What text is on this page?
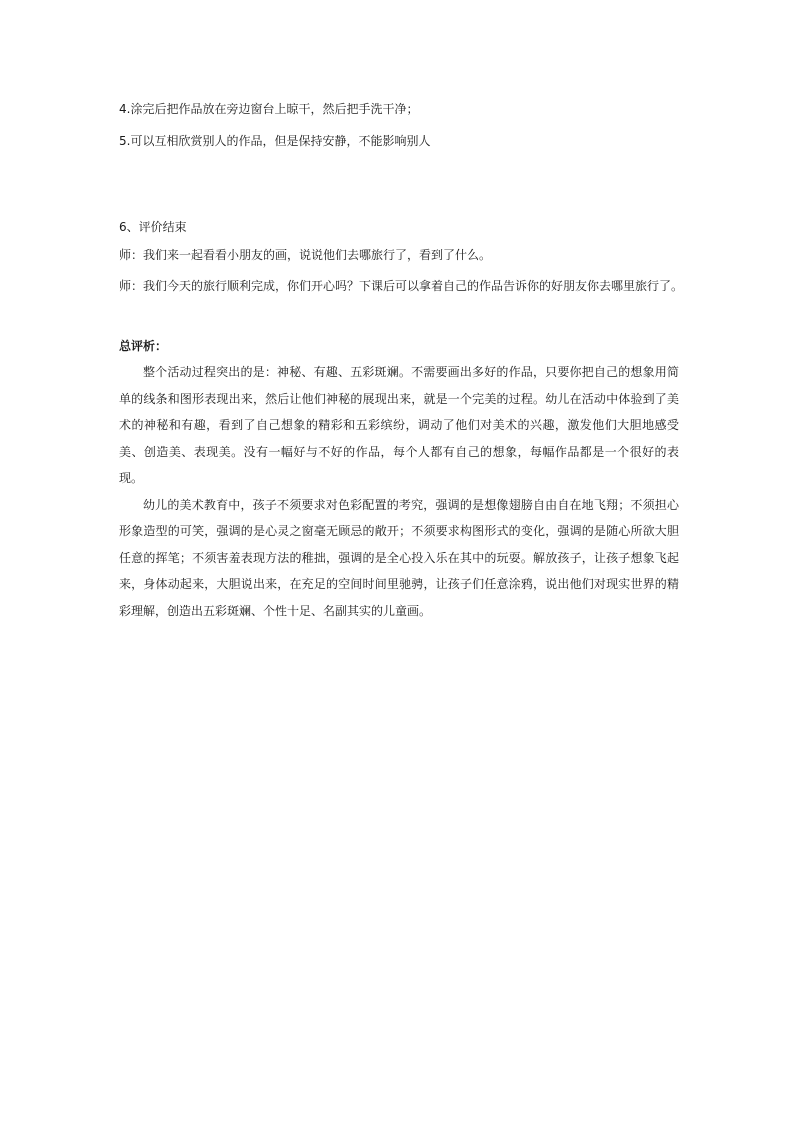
4.涂完后把作品放在旁边窗台上晾干，然后把手洗干净；
5.可以互相欣赏别人的作品，但是保持安静，不能影响别人
6、评价结束
师：我们来一起看看小朋友的画，说说他们去哪旅行了，看到了什么。
师：我们今天的旅行顺利完成，你们开心吗？下课后可以拿着自己的作品告诉你的好朋友你去哪里旅行了。
总评析：

整个活动过程突出的是：神秘、有趣、五彩斑斓。不需要画出多好的作品，只要你把自己的想象用简单的线条和图形表现出来，然后让他们神秘的展现出来，就是一个完美的过程。幼儿在活动中体验到了美术的神秘和有趣，看到了自己想象的精彩和五彩缤纷，调动了他们对美术的兴趣，激发他们大胆地感受美、创造美、表现美。没有一幅好与不好的作品，每个人都有自己的想象，每幅作品都是一个很好的表现。

幼儿的美术教育中，孩子不须要求对色彩配置的考究，强调的是想像翅膀自由自在地飞翔；不须担心形象造型的可笑，强调的是心灵之窗毫无顾忌的敞开；不须要求构图形式的变化，强调的是随心所欲大胆任意的挥笔；不须害羞表现方法的稚拙，强调的是全心投入乐在其中的玩耍。解放孩子，让孩子想象飞起来，身体动起来，大胆说出来，在充足的空间时间里驰骋，让孩子们任意涂鸦，说出他们对现实世界的精彩理解，创造出五彩斑斓、个性十足、名副其实的儿童画。
